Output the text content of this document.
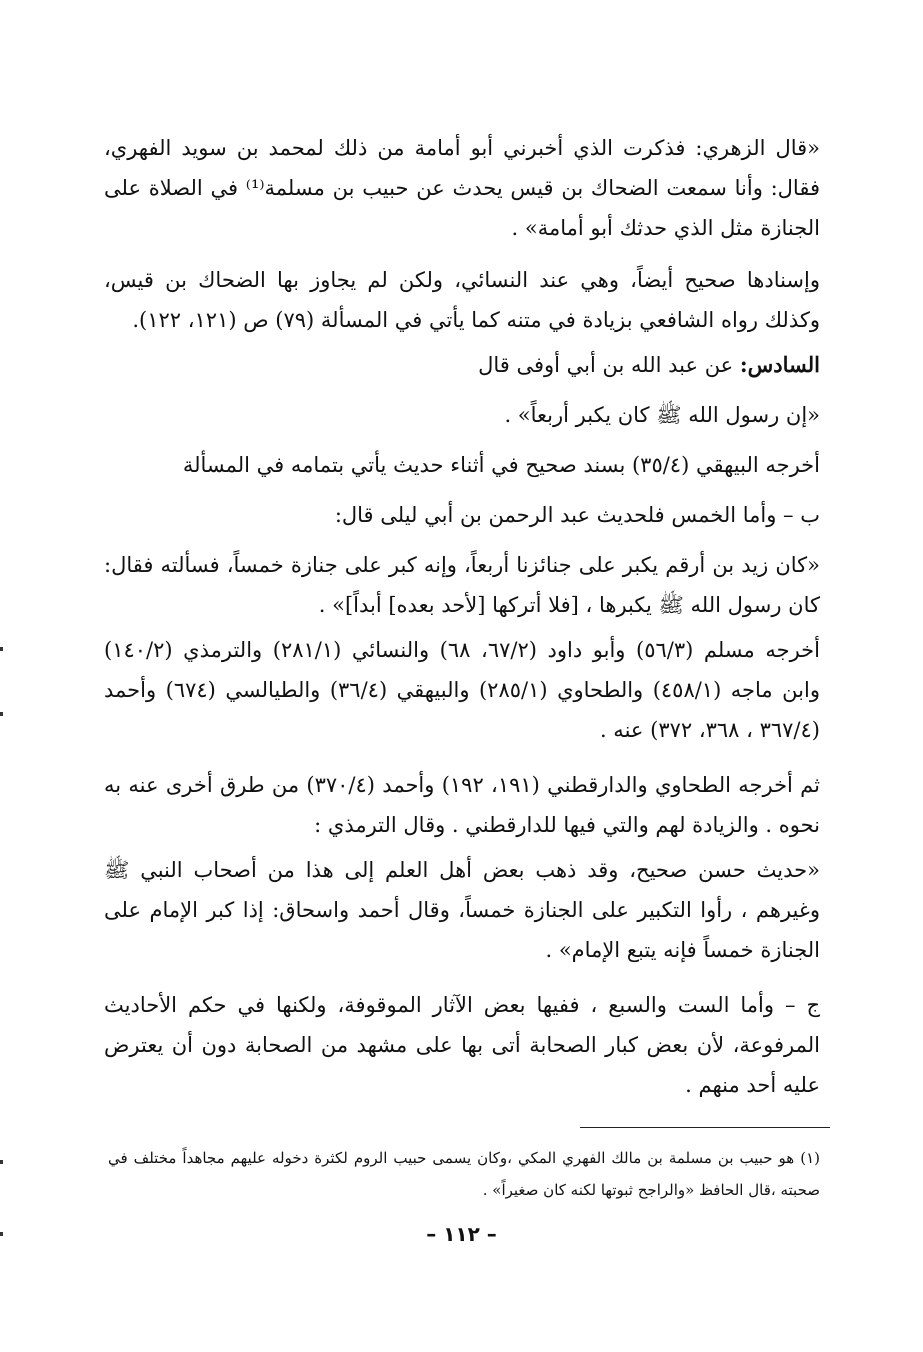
«قال الزهري: فذكرت الذي أخبرني أبو أمامة من ذلك لمحمد بن سويد الفهري، فقال: وأنا سمعت الضحاك بن قيس يحدث عن حبيب بن مسلمة⁽¹⁾ في الصلاة على الجنازة مثل الذي حدثك أبو أمامة» .

وإسنادها صحيح أيضاً، وهي عند النسائي، ولكن لم يجاوز بها الضحاك بن قيس، وكذلك رواه الشافعي بزيادة في متنه كما يأتي في المسألة (٧٩) ص (١٢١، ١٢٢).

السادس: عن عبد الله بن أبي أوفى قال

«إن رسول الله ﷺ كان يكبر أربعاً» .

أخرجه البيهقي (٣٥/٤) بسند صحيح في أثناء حديث يأتي بتمامه في المسألة

ب – وأما الخمس فلحديث عبد الرحمن بن أبي ليلى قال:

«كان زيد بن أرقم يكبر على جنائزنا أربعاً، وإنه كبر على جنازة خمساً، فسألته فقال: كان رسول الله ﷺ يكبرها ، [فلا أتركها [لأحد بعده] أبداً]» .

أخرجه مسلم (٥٦/٣) وأبو داود (٦٧/٢، ٦٨) والنسائي (٢٨١/١) والترمذي (١٤٠/٢) وابن ماجه (٤٥٨/١) والطحاوي (٢٨٥/١) والبيهقي (٣٦/٤) والطيالسي (٦٧٤) وأحمد (٣٦٧/٤ ، ٣٦٨، ٣٧٢) عنه .

ثم أخرجه الطحاوي والدارقطني (١٩١، ١٩٢) وأحمد (٣٧٠/٤) من طرق أخرى عنه به نحوه . والزيادة لهم والتي فيها للدارقطني . وقال الترمذي :

«حديث حسن صحيح، وقد ذهب بعض أهل العلم إلى هذا من أصحاب النبي ﷺ وغيرهم ، رأوا التكبير على الجنازة خمساً، وقال أحمد واسحاق: إذا كبر الإمام على الجنازة خمساً فإنه يتبع الإمام» .

ج – وأما الست والسبع ، ففيها بعض الآثار الموقوفة، ولكنها في حكم الأحاديث المرفوعة، لأن بعض كبار الصحابة أتى بها على مشهد من الصحابة دون أن يعترض عليه أحد منهم .

(١) هو حبيب بن مسلمة بن مالك الفهري المكي ،وكان يسمى حبيب الروم لكثرة دخوله عليهم مجاهداً مختلف في صحبته ،قال الحافظ «والراجح ثبوتها لكنه كان صغيراً» .

– ١١٢ –
